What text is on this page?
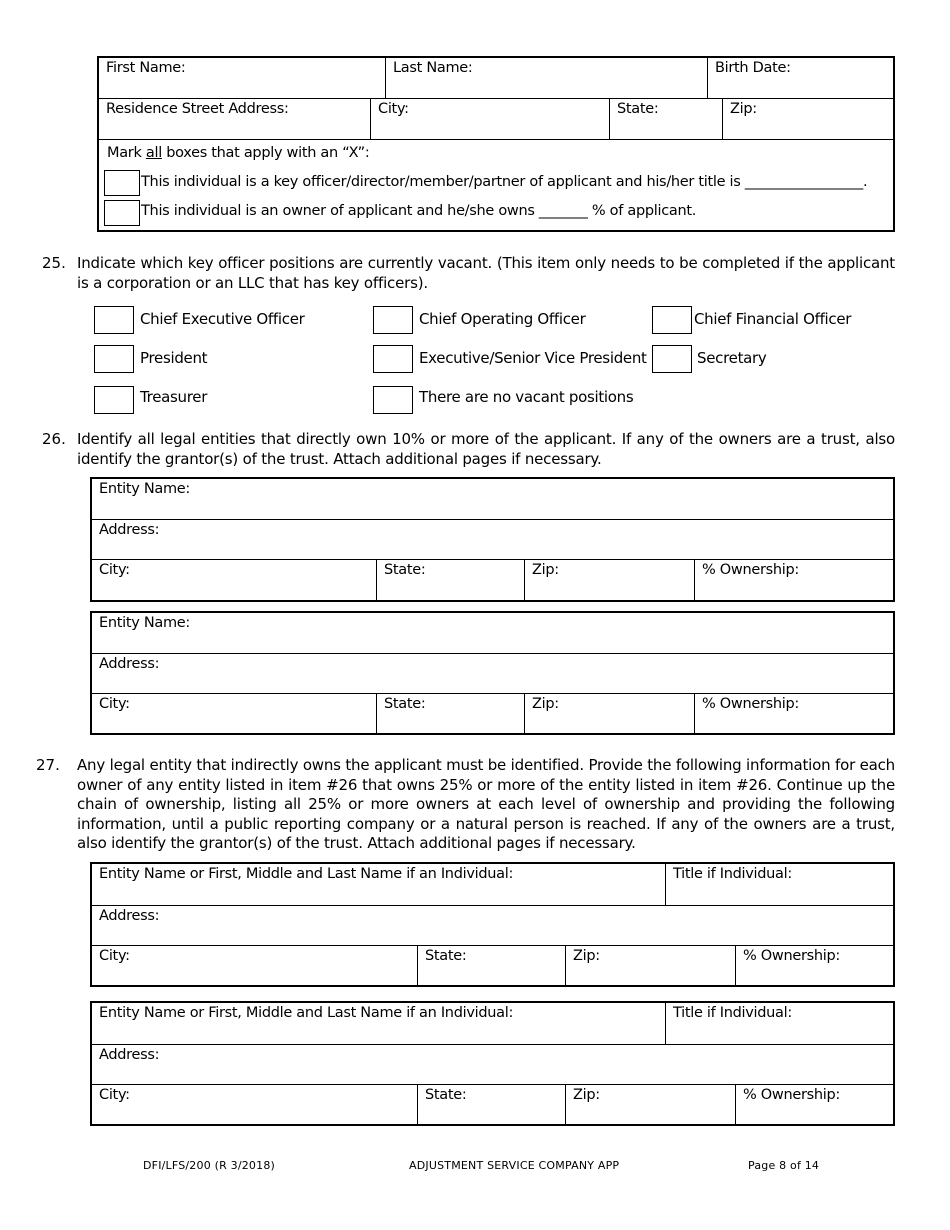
First Name:	Last Name:	Birth Date:
Residence Street Address:	City:	State:	Zip:
Mark all boxes that apply with an “X”:
This individual is a key officer/director/member/partner of applicant and his/her title is _________________.
This individual is an owner of applicant and he/she owns _______ % of applicant.
25. Indicate which key officer positions are currently vacant. (This item only needs to be completed if the applicant is a corporation or an LLC that has key officers).
Chief Executive Officer	Chief Operating Officer	Chief Financial Officer
President	Executive/Senior Vice President	Secretary
Treasurer	There are no vacant positions
26. Identify all legal entities that directly own 10% or more of the applicant. If any of the owners are a trust, also identify the grantor(s) of the trust. Attach additional pages if necessary.
Entity Name:
Address:
City:	State:	Zip:	% Ownership:
Entity Name:
Address:
City:	State:	Zip:	% Ownership:
27. Any legal entity that indirectly owns the applicant must be identified. Provide the following information for each owner of any entity listed in item #26 that owns 25% or more of the entity listed in item #26. Continue up the chain of ownership, listing all 25% or more owners at each level of ownership and providing the following information, until a public reporting company or a natural person is reached. If any of the owners are a trust, also identify the grantor(s) of the trust. Attach additional pages if necessary.
Entity Name or First, Middle and Last Name if an Individual:	Title if Individual:
Address:
City:	State:	Zip:	% Ownership:
Entity Name or First, Middle and Last Name if an Individual:	Title if Individual:
Address:
City:	State:	Zip:	% Ownership:
DFI/LFS/200 (R 3/2018)	ADJUSTMENT SERVICE COMPANY APP	Page 8 of 14
